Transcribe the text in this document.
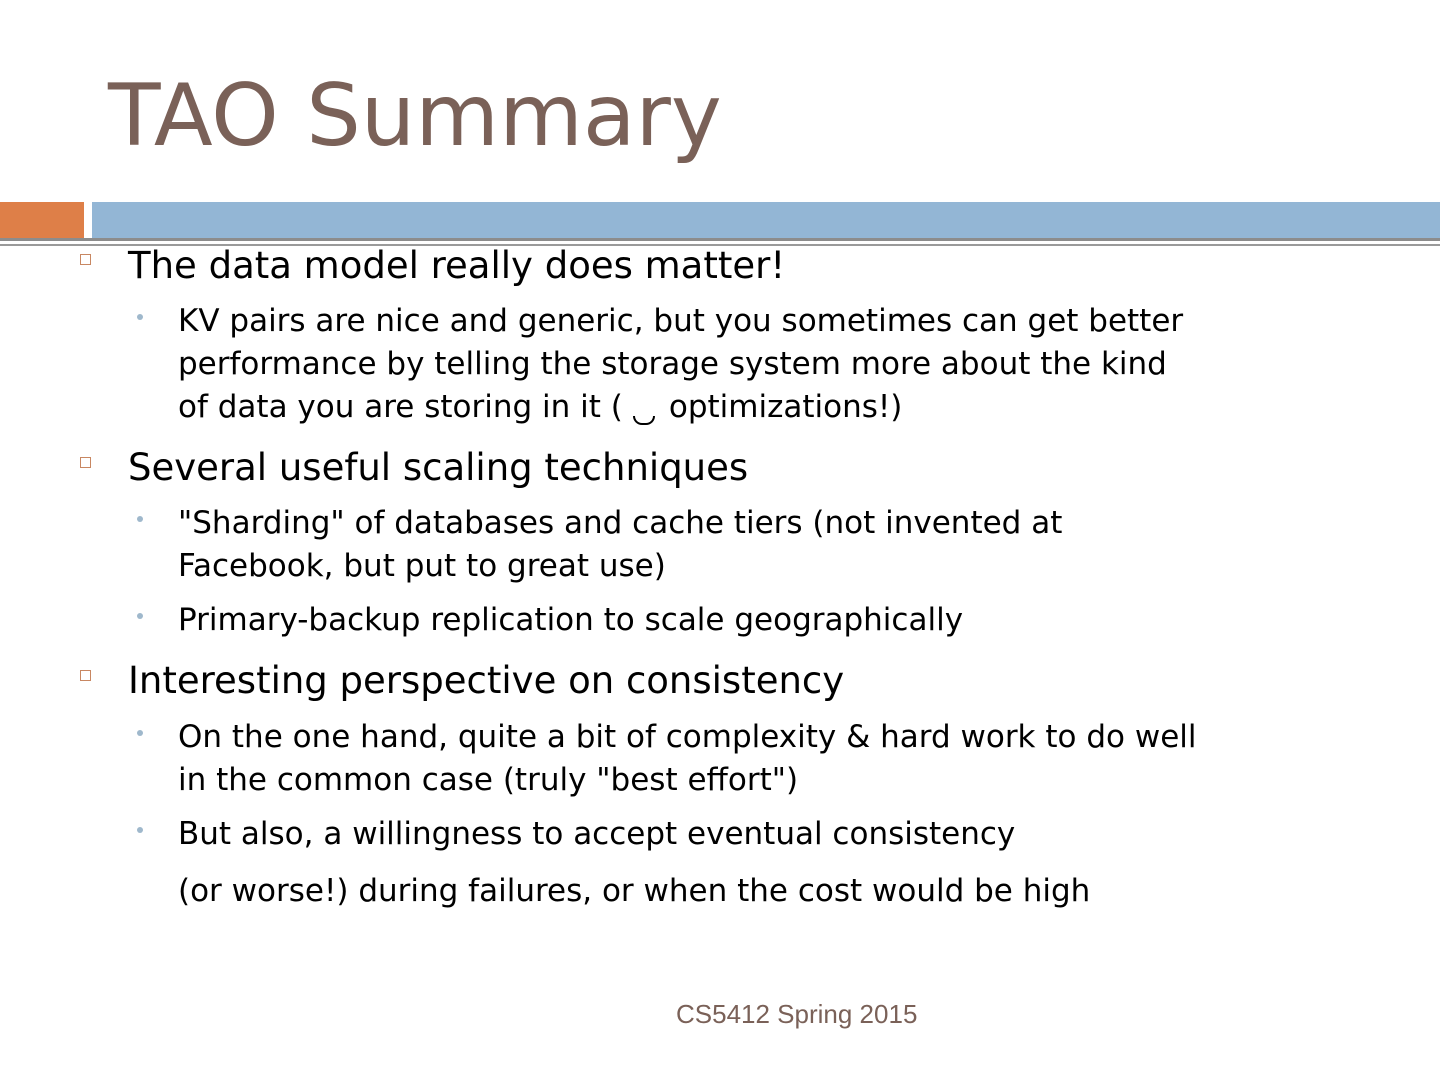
TAO Summary
The data model really does matter!
KV pairs are nice and generic, but you sometimes can get better
performance by telling the storage system more about the kind
of data you are storing in it ( optimizations!)
Several useful scaling techniques
"Sharding" of databases and cache tiers (not invented at
Facebook, but put to great use)
Primary-backup replication to scale geographically
Interesting perspective on consistency
On the one hand, quite a bit of complexity & hard work to do well
in the common case (truly "best effort")
But also, a willingness to accept eventual consistency
(or worse!) during failures, or when the cost would be high
CS5412 Spring 2015
